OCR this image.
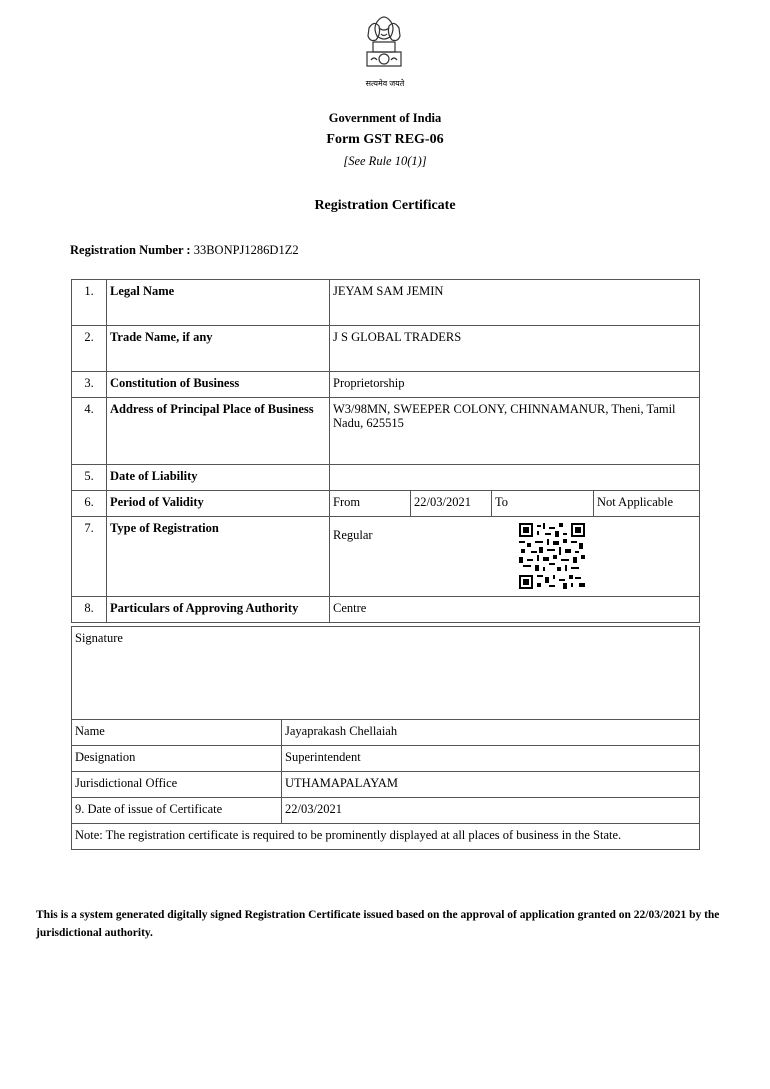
सत्यमेव जयते
Government of India
Form GST REG-06
[See Rule 10(1)]
Registration Certificate
Registration Number : 33BONPJ1286D1Z2
1.	Legal Name	JEYAM SAM JEMIN			
2.	Trade Name, if any	J S GLOBAL TRADERS			
3.	Constitution of Business	Proprietorship			
4.	Address of Principal Place of Business	W3/98MN, SWEEPER COLONY, CHINNAMANUR, Theni, Tamil Nadu, 625515			
5.	Date of Liability				
6.	Period of Validity	From	22/03/2021	To	Not Applicable
7.	Type of Registration	Regular			

8.	Particulars of Approving Authority	Centre			
Signature	
Name	Jayaprakash Chellaiah
Designation	Superintendent
Jurisdictional Office	UTHAMAPALAYAM
9. Date of issue of Certificate	22/03/2021
Note: The registration certificate is required to be prominently displayed at all places of business in the State.	
This is a system generated digitally signed Registration Certificate issued based on the approval of application granted on 22/03/2021 by the jurisdictional authority.
